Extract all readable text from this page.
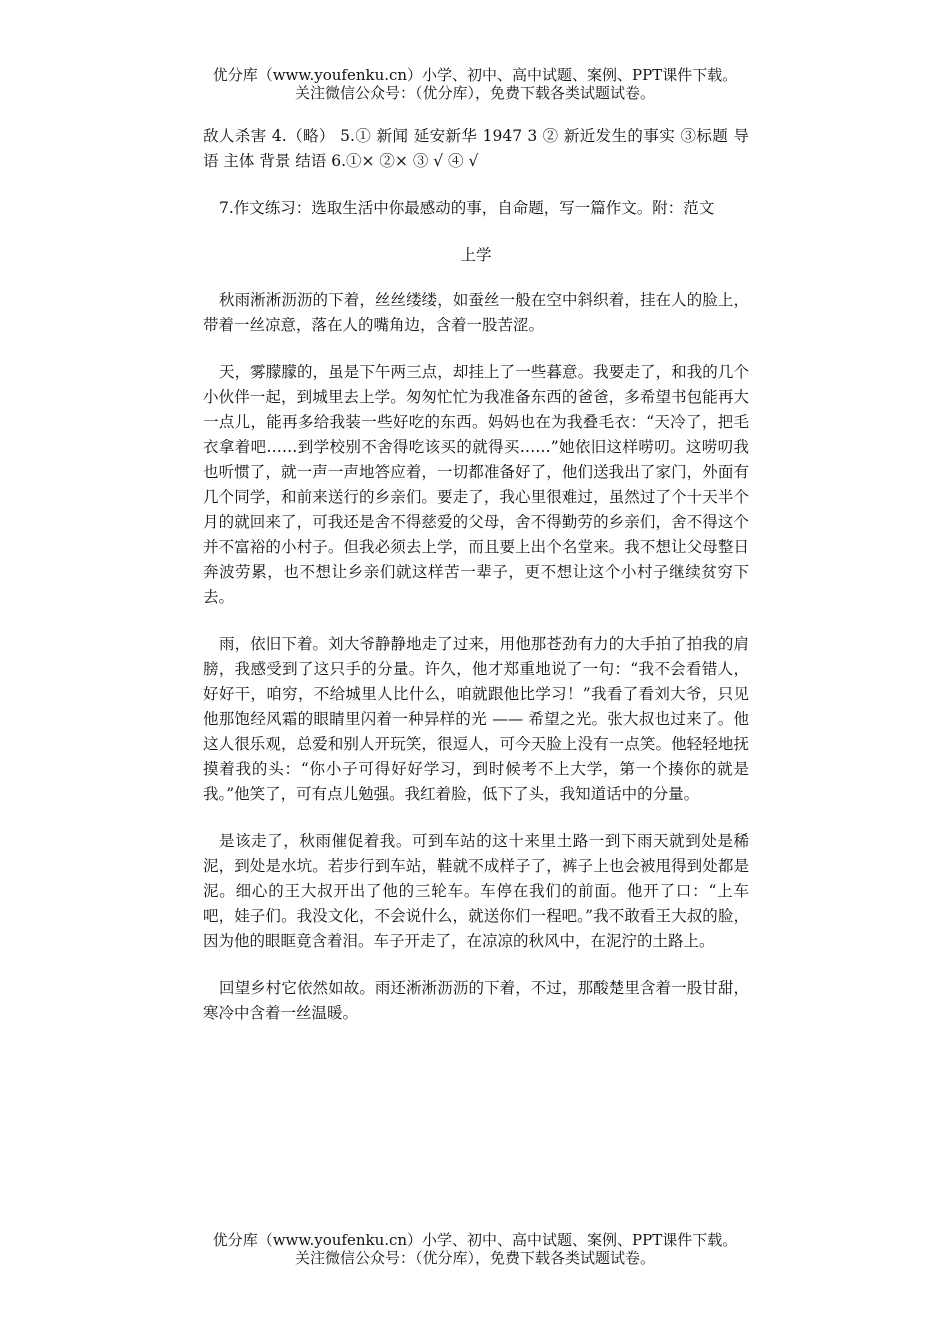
优分库（www.youfenku.cn）小学、初中、高中试题、案例、PPT课件下载。
关注微信公众号：（优分库），免费下载各类试题试卷。

敌人杀害 4.（略） 5.① 新闻 延安新华 1947 3 ② 新近发生的事实 ③标题 导语 主体 背景 结语 6.①× ②× ③ √ ④ √

7.作文练习：选取生活中你最感动的事，自命题，写一篇作文。附：范文

上学

秋雨淅淅沥沥的下着，丝丝缕缕，如蚕丝一般在空中斜织着，挂在人的脸上，带着一丝凉意，落在人的嘴角边，含着一股苦涩。

天，雾朦朦的，虽是下午两三点，却挂上了一些暮意。我要走了，和我的几个小伙伴一起，到城里去上学。匆匆忙忙为我准备东西的爸爸，多希望书包能再大一点儿，能再多给我装一些好吃的东西。妈妈也在为我叠毛衣：“天冷了，把毛衣拿着吧……到学校别不舍得吃该买的就得买……”她依旧这样唠叨。这唠叨我也听惯了，就一声一声地答应着，一切都准备好了，他们送我出了家门，外面有几个同学，和前来送行的乡亲们。要走了，我心里很难过，虽然过了个十天半个月的就回来了，可我还是舍不得慈爱的父母，舍不得勤劳的乡亲们，舍不得这个并不富裕的小村子。但我必须去上学，而且要上出个名堂来。我不想让父母整日奔波劳累，也不想让乡亲们就这样苦一辈子，更不想让这个小村子继续贫穷下去。

雨，依旧下着。刘大爷静静地走了过来，用他那苍劲有力的大手拍了拍我的肩膀，我感受到了这只手的分量。许久，他才郑重地说了一句：“我不会看错人，好好干，咱穷，不给城里人比什么，咱就跟他比学习！”我看了看刘大爷，只见他那饱经风霜的眼睛里闪着一种异样的光 —— 希望之光。张大叔也过来了。他这人很乐观，总爱和别人开玩笑，很逗人，可今天脸上没有一点笑。他轻轻地抚摸着我的头：“你小子可得好好学习，到时候考不上大学，第一个揍你的就是我。”他笑了，可有点儿勉强。我红着脸，低下了头，我知道话中的分量。

是该走了，秋雨催促着我。可到车站的这十来里土路一到下雨天就到处是稀泥，到处是水坑。若步行到车站，鞋就不成样子了，裤子上也会被甩得到处都是泥。细心的王大叔开出了他的三轮车。车停在我们的前面。他开了口：“上车吧，娃子们。我没文化，不会说什么，就送你们一程吧。”我不敢看王大叔的脸，因为他的眼眶竟含着泪。车子开走了，在凉凉的秋风中，在泥泞的土路上。

回望乡村它依然如故。雨还淅淅沥沥的下着，不过，那酸楚里含着一股甘甜，寒冷中含着一丝温暖。

优分库（www.youfenku.cn）小学、初中、高中试题、案例、PPT课件下载。
关注微信公众号：（优分库），免费下载各类试题试卷。
